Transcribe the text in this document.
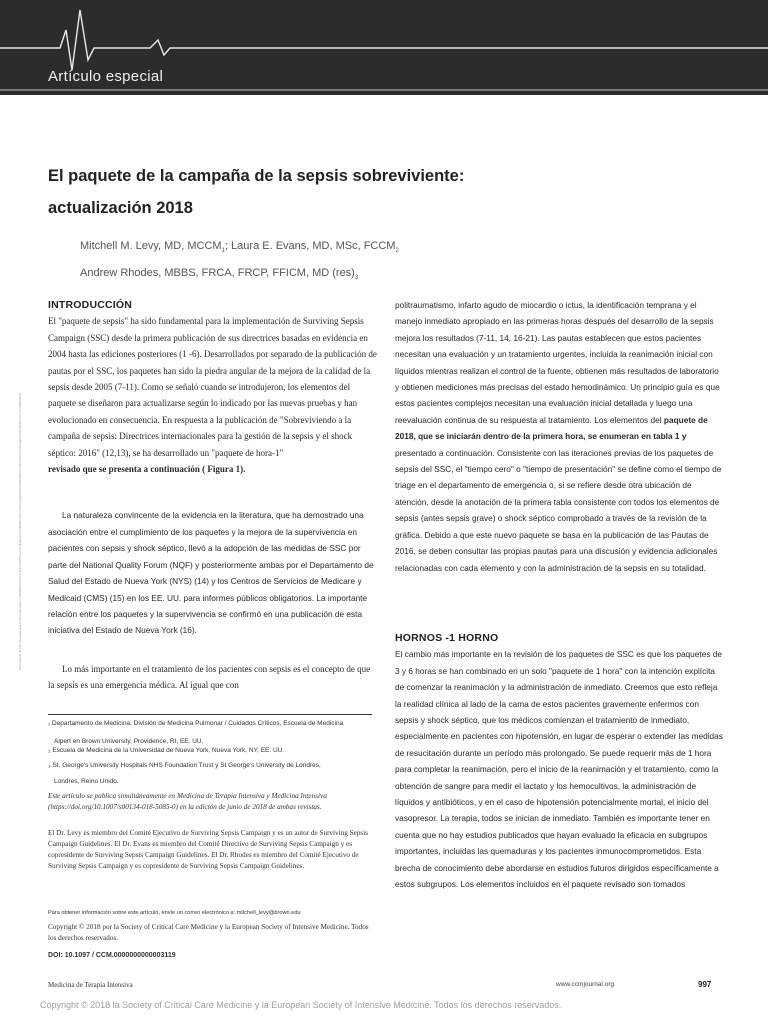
Artículo especial
Descargado de http://journals.lww.com/ccmjournal por BhDMf5ePHKav1zEoum1tQfN4a+kJLhEZgbsIHo4XMi0hCywCX1AWnYQp/IlQrHD3i3D0OdRyi7TvSFl4Cf3VC1y0abggQZXdtwnfKZBYtws= el 24/09/2018
El paquete de la campaña de la sepsis sobreviviente:
actualización 2018
Mitchell M. Levy, MD, $MCCM_1$; Laura E. Evans, MD, MSc, $FCCM_2$
Andrew Rhodes, MBBS, FRCA, FRCP, FFICM, MD $(res)_3$

INTRODUCCIÓN

El "paquete de sepsis" ha sido fundamental para la implementación de Surviving Sepsis Campaign (SSC) desde la primera publicación de sus directrices basadas en evidencia en 2004 hasta las ediciones posteriores (1 -6). Desarrollados por separado de la publicación de pautas por el SSC, los paquetes han sido la piedra angular de la mejora de la calidad de la sepsis desde 2005 (7-11). Como se señaló cuando se introdujeron, los elementos del paquete se diseñaron para actualizarse según lo indicado por las nuevas pruebas y han evolucionado en consecuencia. En respuesta a la publicación de "Sobreviviendo a la campaña de sepsis: Directrices internacionales para la gestión de la sepsis y el shock séptico: 2016" (12,13), se ha desarrollado un "paquete de hora-1"
revisado que se presenta a continuación ( Figura 1).

La naturaleza convincente de la evidencia en la literatura, que ha demostrado una asociación entre el cumplimiento de los paquetes y la mejora de la supervivencia en pacientes con sepsis y shock séptico, llevó a la adopción de las medidas de SSC por parte del National Quality Forum (NQF) y posteriormente ambas por el Departamento de Salud del Estado de Nueva York (NYS) (14) y los Centros de Servicios de Medicare y Medicaid (CMS) (15) en los EE. UU. para informes públicos obligatorios. La importante relación entre los paquetes y la supervivencia se confirmó en una publicación de esta iniciativa del Estado de Nueva York (16).

Lo más importante en el tratamiento de los pacientes con sepsis es el concepto de que la sepsis es una emergencia médica. Al igual que con

₁ Departamento de Medicina, División de Medicina Pulmonar / Cuidados Críticos, Escuela de Medicina
Alpert en Brown University, Providence, RI, EE. UU.
₂ Escuela de Medicina de la Universidad de Nueva York, Nueva York, NY, EE. UU.
₃ St. George's University Hospitals NHS Foundation Trust y St George's University de Londres,
Londres, Reino Unido.
Este artículo se publica simultáneamente en Medicina de Terapia Intensiva y Medicina Intensiva (https://doi.org/10.1007/s00134-018-5085-0) en la edición de junio de 2018 de ambas revistas.
El Dr. Levy es miembro del Comité Ejecutivo de Surviving Sepsis Campaign y es un autor de Surviving Sepsis Campaign Guidelines. El Dr. Evans es miembro del Comité Directivo de Surviving Sepsis Campaign y es copresidente de Surviving Sepsis Campaign Guidelines. El Dr. Rhodes es miembro del Comité Ejecutivo de Surviving Sepsis Campaign y es copresidente de Surviving Sepsis Campaign Guidelines.
Para obtener información sobre este artículo, envíe un correo electrónico a: mitchell_levy@brown.edu
Copyright © 2018 por la Society of Critical Care Medicine y la European Society of Intensive Medicine. Todos los derechos reservados.
DOI: 10.1097 / CCM.0000000000003119

politraumatismo, infarto agudo de miocardio o ictus, la identificación temprana y el manejo inmediato apropiado en las primeras horas después del desarrollo de la sepsis mejora los resultados (7-11, 14, 16-21). Las pautas establecen que estos pacientes necesitan una evaluación y un tratamiento urgentes, incluida la reanimación inicial con líquidos mientras realizan el control de la fuente, obtienen más resultados de laboratorio y obtienen mediciones más precisas del estado hemodinámico. Un principio guía es que estos pacientes complejos necesitan una evaluación inicial detallada y luego una reevaluación continua de su respuesta al tratamiento. Los elementos del paquete de 2018, que se iniciarán dentro de la primera hora, se enumeran en tabla 1 y presentado a continuación. Consistente con las iteraciones previas de los paquetes de sepsis del SSC, el "tiempo cero" o "tiempo de presentación" se define como el tiempo de triage en el departamento de emergencia o, si se refiere desde otra ubicación de atención, desde la anotación de la primera tabla consistente con todos los elementos de sepsis (antes sepsis grave) o shock séptico comprobado a través de la revisión de la gráfica. Debido a que este nuevo paquete se basa en la publicación de las Pautas de 2016, se deben consultar las propias pautas para una discusión y evidencia adicionales relacionadas con cada elemento y con la administración de la sepsis en su totalidad.

HORNOS -1 HORNO

El cambio más importante en la revisión de los paquetes de SSC es que los paquetes de 3 y 6 horas se han combinado en un solo "paquete de 1 hora" con la intención explícita de comenzar la reanimación y la administración de inmediato. Creemos que esto refleja la realidad clínica al lado de la cama de estos pacientes gravemente enfermos con sepsis y shock séptico, que los médicos comienzan el tratamiento de inmediato, especialmente en pacientes con hipotensión, en lugar de esperar o extender las medidas de resucitación durante un período más prolongado. Se puede requerir más de 1 hora para completar la reanimación, pero el inicio de la reanimación y el tratamiento, como la obtención de sangre para medir el lactato y los hemocultivos, la administración de líquidos y antibióticos, y en el caso de hipotensión potencialmente mortal, el inicio del vasopresor. La terapia, todos se inician de inmediato. También es importante tener en cuenta que no hay estudios publicados que hayan evaluado la eficacia en subgrupos importantes, incluidas las quemaduras y los pacientes inmunocomprometidos. Esta brecha de conocimiento debe abordarse en estudios futuros dirigidos específicamente a estos subgrupos. Los elementos incluidos en el paquete revisado son tomados

Medicina de Terapia Intensiva	www.ccmjournal.org	997
Copyright © 2018 la Society of Critical Care Medicine y la European Society of Intensive Medicine. Todos los derechos reservados.
